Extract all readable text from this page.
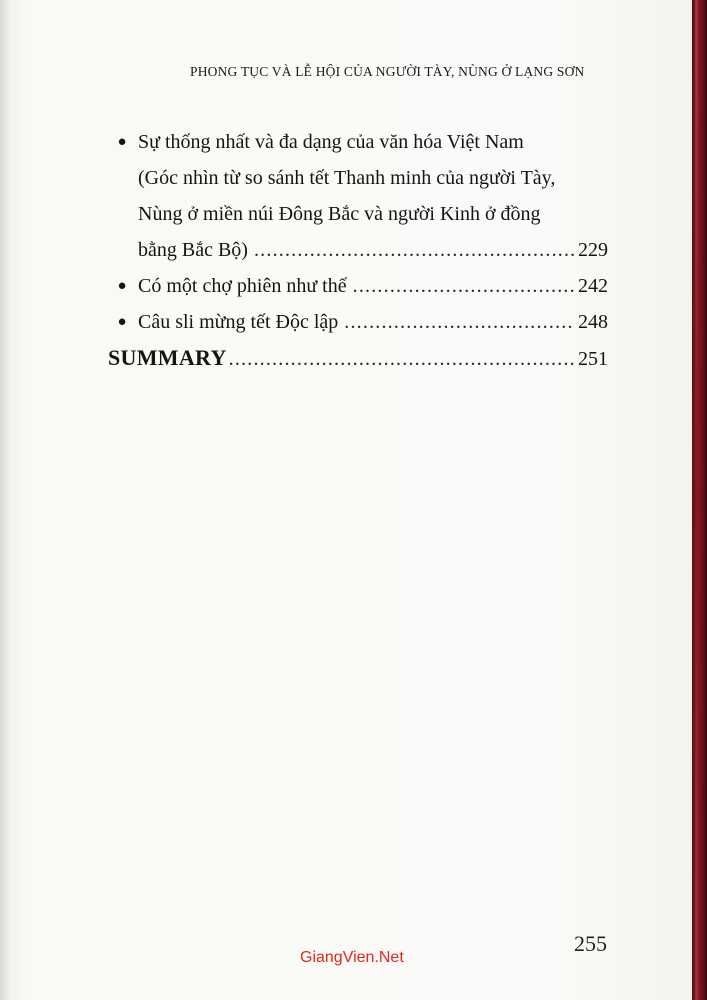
PHONG TỤC VÀ LỄ HỘI CỦA NGƯỜI TÀY, NÙNG Ở LẠNG SƠN
● Sự thống nhất và đa dạng của văn hóa Việt Nam
(Góc nhìn từ so sánh tết Thanh minh của người Tày,
Nùng ở miền núi Đông Bắc và người Kinh ở đồng
bằng Bắc Bộ) .....	229
● Có một chợ phiên như thế .....	242
● Câu sli mừng tết Độc lập .....	248
SUMMARY .....	251
255
GiangVien.Net
